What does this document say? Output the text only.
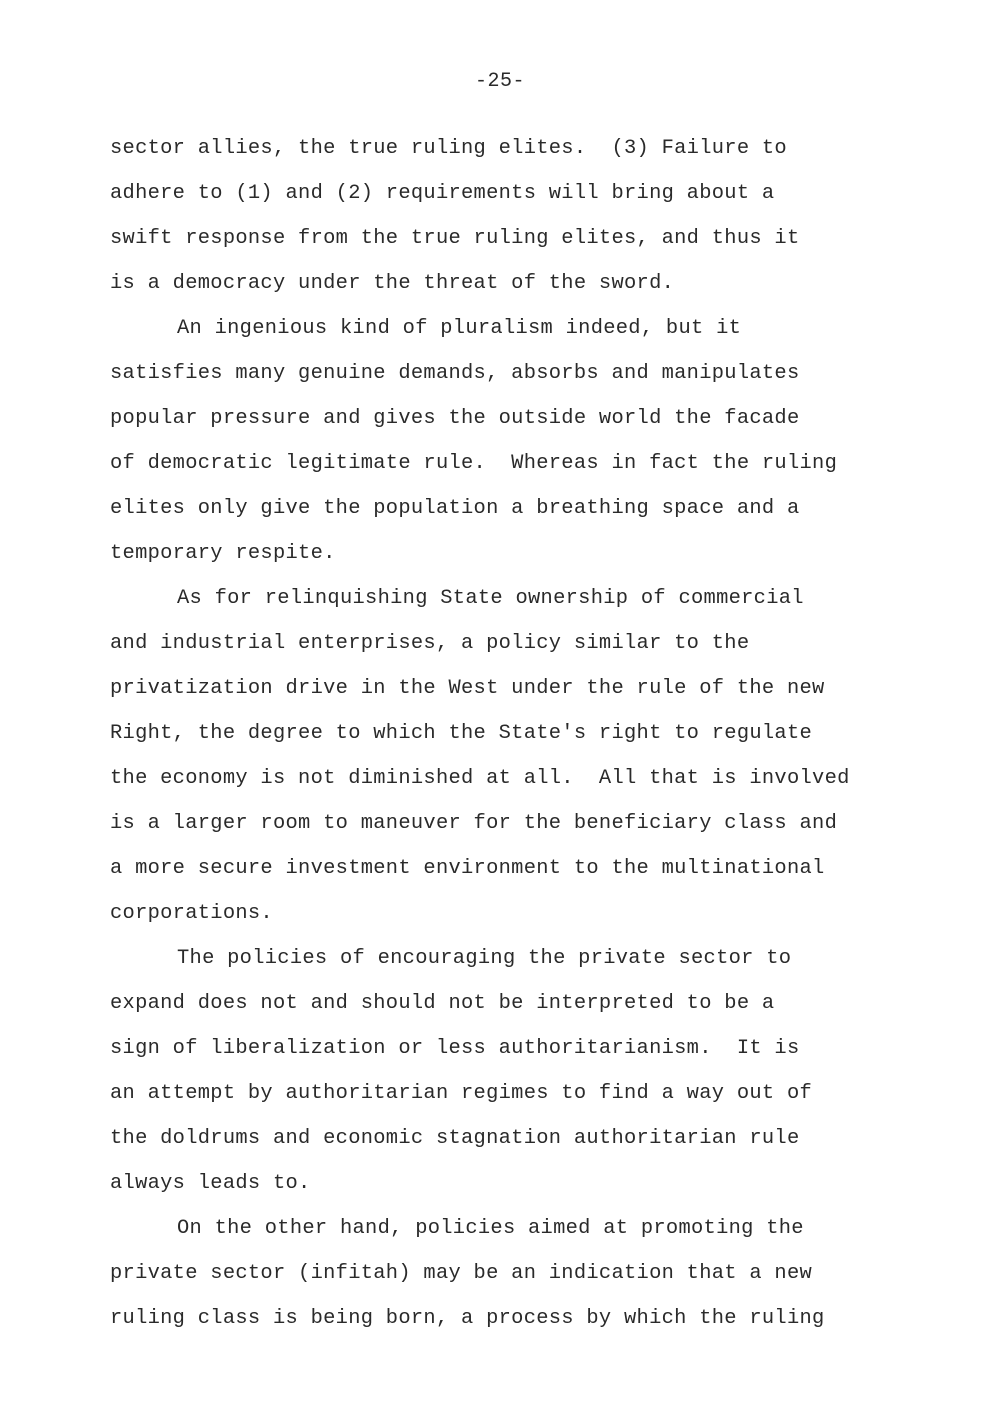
-25-
sector allies, the true ruling elites.  (3) Failure to
adhere to (1) and (2) requirements will bring about a
swift response from the true ruling elites, and thus it
is a democracy under the threat of the sword.
An ingenious kind of pluralism indeed, but it
satisfies many genuine demands, absorbs and manipulates
popular pressure and gives the outside world the facade
of democratic legitimate rule.  Whereas in fact the ruling
elites only give the population a breathing space and a
temporary respite.
As for relinquishing State ownership of commercial
and industrial enterprises, a policy similar to the
privatization drive in the West under the rule of the new
Right, the degree to which the State's right to regulate
the economy is not diminished at all.  All that is involved
is a larger room to maneuver for the beneficiary class and
a more secure investment environment to the multinational
corporations.
The policies of encouraging the private sector to
expand does not and should not be interpreted to be a
sign of liberalization or less authoritarianism.  It is
an attempt by authoritarian regimes to find a way out of
the doldrums and economic stagnation authoritarian rule
always leads to.
On the other hand, policies aimed at promoting the
private sector (infitah) may be an indication that a new
ruling class is being born, a process by which the ruling
